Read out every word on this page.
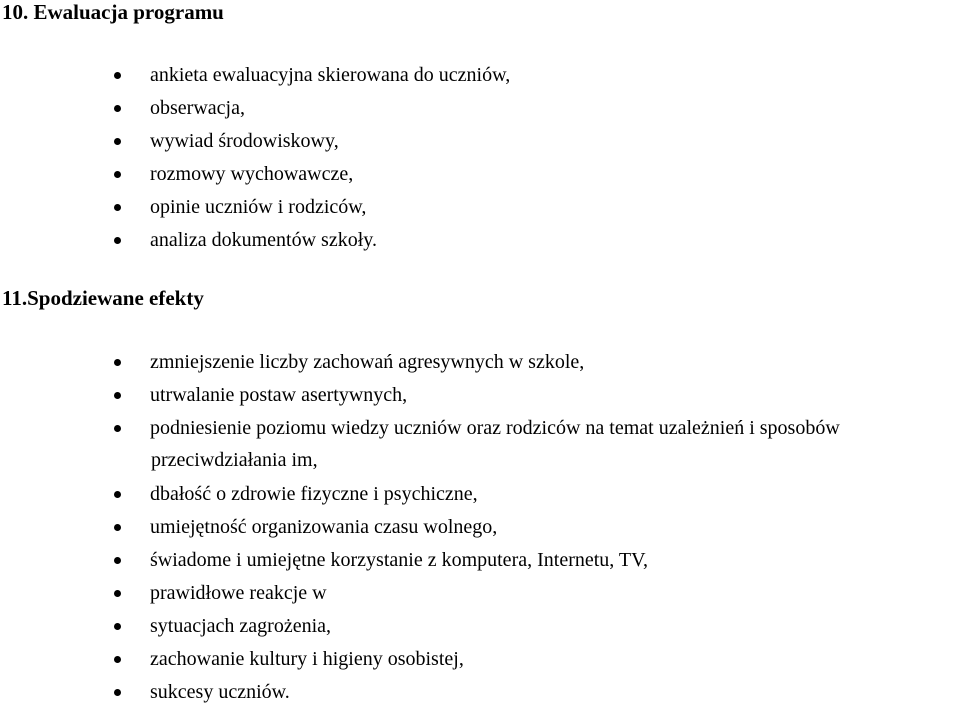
10. Ewaluacja programu
ankieta ewaluacyjna skierowana do uczniów,
obserwacja,
wywiad środowiskowy,
rozmowy wychowawcze,
opinie uczniów i rodziców,
analiza dokumentów szkoły.
11.Spodziewane efekty
zmniejszenie liczby zachowań agresywnych w szkole,
utrwalanie postaw asertywnych,
podniesienie poziomu wiedzy uczniów oraz rodziców na temat uzależnień i sposobów
dbałość o zdrowie fizyczne i psychiczne,
umiejętność organizowania czasu wolnego,
świadome i umiejętne korzystanie z komputera, Internetu, TV,
prawidłowe reakcje w
sytuacjach zagrożenia,
zachowanie kultury i higieny osobistej,
sukcesy uczniów.
przeciwdziałania im,
